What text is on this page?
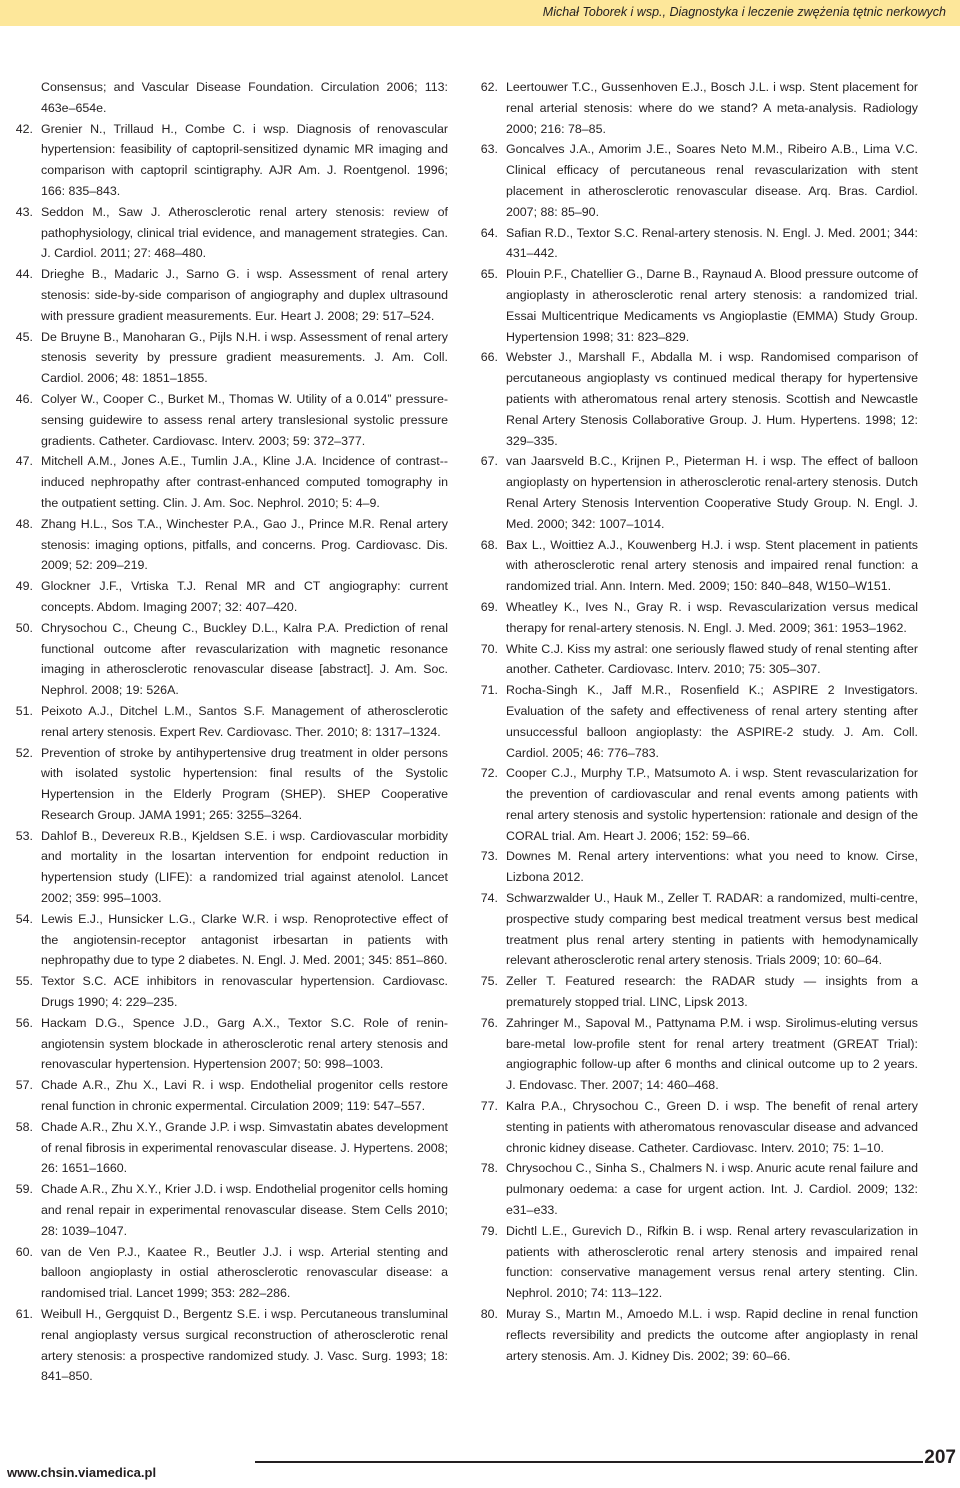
Michał Toborek i wsp., Diagnostyka i leczenie zwężenia tętnic nerkowych
Consensus; and Vascular Disease Foundation. Circulation 2006; 113: 463e–654e.
42. Grenier N., Trillaud H., Combe C. i wsp. Diagnosis of renovascular hypertension: feasibility of captopril-sensitized dynamic MR imaging and comparison with captopril scintigraphy. AJR Am. J. Roentgenol. 1996; 166: 835–843.
43. Seddon M., Saw J. Atherosclerotic renal artery stenosis: review of pathophysiology, clinical trial evidence, and management strategies. Can. J. Cardiol. 2011; 27: 468–480.
44. Drieghe B., Madaric J., Sarno G. i wsp. Assessment of renal artery stenosis: side-by-side comparison of angiography and duplex ultrasound with pressure gradient measurements. Eur. Heart J. 2008; 29: 517–524.
45. De Bruyne B., Manoharan G., Pijls N.H. i wsp. Assessment of renal artery stenosis severity by pressure gradient measurements. J. Am. Coll. Cardiol. 2006; 48: 1851–1855.
46. Colyer W., Cooper C., Burket M., Thomas W. Utility of a 0.014” pressure-sensing guidewire to assess renal artery translesional systolic pressure gradients. Catheter. Cardiovasc. Interv. 2003; 59: 372–377.
47. Mitchell A.M., Jones A.E., Tumlin J.A., Kline J.A. Incidence of contrast--induced nephropathy after contrast-enhanced computed tomography in the outpatient setting. Clin. J. Am. Soc. Nephrol. 2010; 5: 4–9.
48. Zhang H.L., Sos T.A., Winchester P.A., Gao J., Prince M.R. Renal artery stenosis: imaging options, pitfalls, and concerns. Prog. Cardiovasc. Dis. 2009; 52: 209–219.
49. Glockner J.F., Vrtiska T.J. Renal MR and CT angiography: current concepts. Abdom. Imaging 2007; 32: 407–420.
50. Chrysochou C., Cheung C., Buckley D.L., Kalra P.A. Prediction of renal functional outcome after revascularization with magnetic resonance imaging in atherosclerotic renovascular disease [abstract]. J. Am. Soc. Nephrol. 2008; 19: 526A.
51. Peixoto A.J., Ditchel L.M., Santos S.F. Management of atherosclerotic renal artery stenosis. Expert Rev. Cardiovasc. Ther. 2010; 8: 1317–1324.
52. Prevention of stroke by antihypertensive drug treatment in older persons with isolated systolic hypertension: final results of the Systolic Hypertension in the Elderly Program (SHEP). SHEP Cooperative Research Group. JAMA 1991; 265: 3255–3264.
53. Dahlof B., Devereux R.B., Kjeldsen S.E. i wsp. Cardiovascular morbidity and mortality in the losartan intervention for endpoint reduction in hypertension study (LIFE): a randomized trial against atenolol. Lancet 2002; 359: 995–1003.
54. Lewis E.J., Hunsicker L.G., Clarke W.R. i wsp. Renoprotective effect of the angiotensin-receptor antagonist irbesartan in patients with nephropathy due to type 2 diabetes. N. Engl. J. Med. 2001; 345: 851–860.
55. Textor S.C. ACE inhibitors in renovascular hypertension. Cardiovasc. Drugs 1990; 4: 229–235.
56. Hackam D.G., Spence J.D., Garg A.X., Textor S.C. Role of renin-angiotensin system blockade in atherosclerotic renal artery stenosis and renovascular hypertension. Hypertension 2007; 50: 998–1003.
57. Chade A.R., Zhu X., Lavi R. i wsp. Endothelial progenitor cells restore renal function in chronic expermental. Circulation 2009; 119: 547–557.
58. Chade A.R., Zhu X.Y., Grande J.P. i wsp. Simvastatin abates development of renal fibrosis in experimental renovascular disease. J. Hypertens. 2008; 26: 1651–1660.
59. Chade A.R., Zhu X.Y., Krier J.D. i wsp. Endothelial progenitor cells homing and renal repair in experimental renovascular disease. Stem Cells 2010; 28: 1039–1047.
60. van de Ven P.J., Kaatee R., Beutler J.J. i wsp. Arterial stenting and balloon angioplasty in ostial atherosclerotic renovascular disease: a randomised trial. Lancet 1999; 353: 282–286.
61. Weibull H., Gergquist D., Bergentz S.E. i wsp. Percutaneous transluminal renal angioplasty versus surgical reconstruction of atherosclerotic renal artery stenosis: a prospective randomized study. J. Vasc. Surg. 1993; 18: 841–850.
62. Leertouwer T.C., Gussenhoven E.J., Bosch J.L. i wsp. Stent placement for renal arterial stenosis: where do we stand? A meta-analysis. Radiology 2000; 216: 78–85.
63. Goncalves J.A., Amorim J.E., Soares Neto M.M., Ribeiro A.B., Lima V.C. Clinical efficacy of percutaneous renal revascularization with stent placement in atherosclerotic renovascular disease. Arq. Bras. Cardiol. 2007; 88: 85–90.
64. Safian R.D., Textor S.C. Renal-artery stenosis. N. Engl. J. Med. 2001; 344: 431–442.
65. Plouin P.F., Chatellier G., Darne B., Raynaud A. Blood pressure outcome of angioplasty in atherosclerotic renal artery stenosis: a randomized trial. Essai Multicentrique Medicaments vs Angioplastie (EMMA) Study Group. Hypertension 1998; 31: 823–829.
66. Webster J., Marshall F., Abdalla M. i wsp. Randomised comparison of percutaneous angioplasty vs continued medical therapy for hypertensive patients with atheromatous renal artery stenosis. Scottish and Newcastle Renal Artery Stenosis Collaborative Group. J. Hum. Hypertens. 1998; 12: 329–335.
67. van Jaarsveld B.C., Krijnen P., Pieterman H. i wsp. The effect of balloon angioplasty on hypertension in atherosclerotic renal-artery stenosis. Dutch Renal Artery Stenosis Intervention Cooperative Study Group. N. Engl. J. Med. 2000; 342: 1007–1014.
68. Bax L., Woittiez A.J., Kouwenberg H.J. i wsp. Stent placement in patients with atherosclerotic renal artery stenosis and impaired renal function: a randomized trial. Ann. Intern. Med. 2009; 150: 840–848, W150–W151.
69. Wheatley K., Ives N., Gray R. i wsp. Revascularization versus medical therapy for renal-artery stenosis. N. Engl. J. Med. 2009; 361: 1953–1962.
70. White C.J. Kiss my astral: one seriously flawed study of renal stenting after another. Catheter. Cardiovasc. Interv. 2010; 75: 305–307.
71. Rocha-Singh K., Jaff M.R., Rosenfield K.; ASPIRE 2 Investigators. Evaluation of the safety and effectiveness of renal artery stenting after unsuccessful balloon angioplasty: the ASPIRE-2 study. J. Am. Coll. Cardiol. 2005; 46: 776–783.
72. Cooper C.J., Murphy T.P., Matsumoto A. i wsp. Stent revascularization for the prevention of cardiovascular and renal events among patients with renal artery stenosis and systolic hypertension: rationale and design of the CORAL trial. Am. Heart J. 2006; 152: 59–66.
73. Downes M. Renal artery interventions: what you need to know. Cirse, Lizbona 2012.
74. Schwarzwalder U., Hauk M., Zeller T. RADAR: a randomized, multi-centre, prospective study comparing best medical treatment versus best medical treatment plus renal artery stenting in patients with hemodynamically relevant atherosclerotic renal artery stenosis. Trials 2009; 10: 60–64.
75. Zeller T. Featured research: the RADAR study — insights from a prematurely stopped trial. LINC, Lipsk 2013.
76. Zahringer M., Sapoval M., Pattynama P.M. i wsp. Sirolimus-eluting versus bare-metal low-profile stent for renal artery treatment (GREAT Trial): angiographic follow-up after 6 months and clinical outcome up to 2 years. J. Endovasc. Ther. 2007; 14: 460–468.
77. Kalra P.A., Chrysochou C., Green D. i wsp. The benefit of renal artery stenting in patients with atheromatous renovascular disease and advanced chronic kidney disease. Catheter. Cardiovasc. Interv. 2010; 75: 1–10.
78. Chrysochou C., Sinha S., Chalmers N. i wsp. Anuric acute renal failure and pulmonary oedema: a case for urgent action. Int. J. Cardiol. 2009; 132: e31–e33.
79. Dichtl L.E., Gurevich D., Rifkin B. i wsp. Renal artery revascularization in patients with atherosclerotic renal artery stenosis and impaired renal function: conservative management versus renal artery stenting. Clin. Nephrol. 2010; 74: 113–122.
80. Muray S., Martın M., Amoedo M.L. i wsp. Rapid decline in renal function reflects reversibility and predicts the outcome after angioplasty in renal artery stenosis. Am. J. Kidney Dis. 2002; 39: 60–66.
www.chsin.viamedica.pl
207
